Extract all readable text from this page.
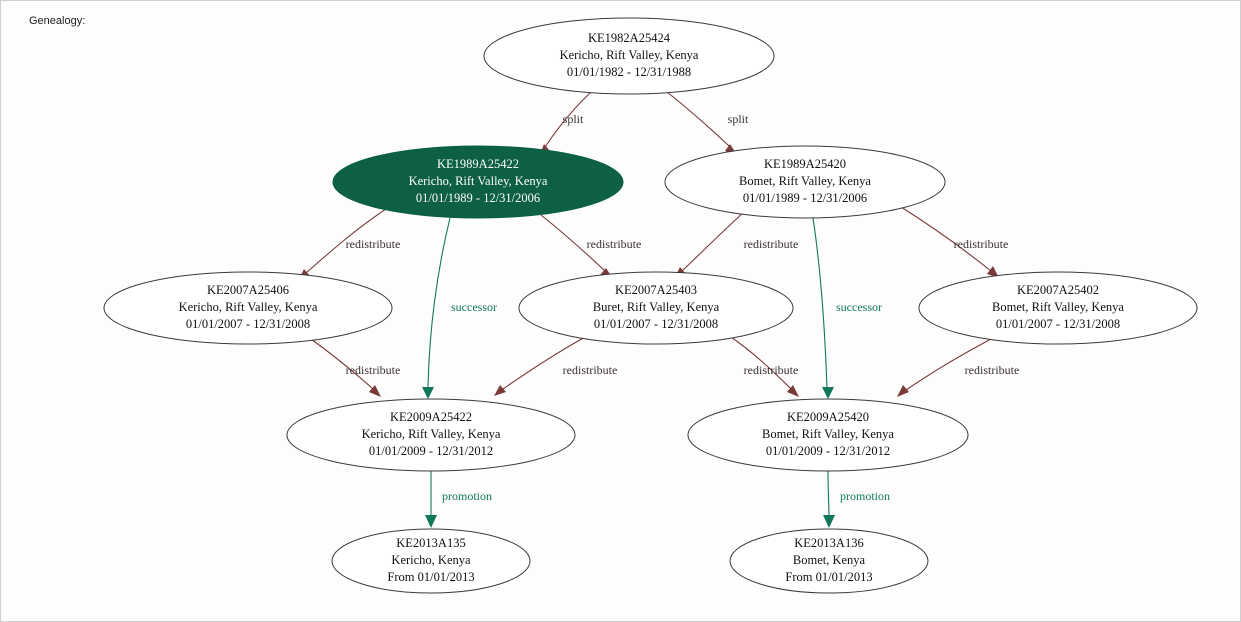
Genealogy:
split	split
redistribute	redistribute
successor
redistribute	redistribute
successor
redistribute	redistribute	redistribute	redistribute
promotion	promotion
KE1982A25424
Kericho, Rift Valley, Kenya
01/01/1982 - 12/31/1988
KE1989A25422
Kericho, Rift Valley, Kenya
01/01/1989 - 12/31/2006
KE1989A25420
Bomet, Rift Valley, Kenya
01/01/1989 - 12/31/2006
KE2007A25406
Kericho, Rift Valley, Kenya
01/01/2007 - 12/31/2008
KE2007A25403
Buret, Rift Valley, Kenya
01/01/2007 - 12/31/2008
KE2007A25402
Bomet, Rift Valley, Kenya
01/01/2007 - 12/31/2008
KE2009A25422
Kericho, Rift Valley, Kenya
01/01/2009 - 12/31/2012
KE2009A25420
Bomet, Rift Valley, Kenya
01/01/2009 - 12/31/2012
KE2013A135
Kericho, Kenya
From 01/01/2013
KE2013A136
Bomet, Kenya
From 01/01/2013
